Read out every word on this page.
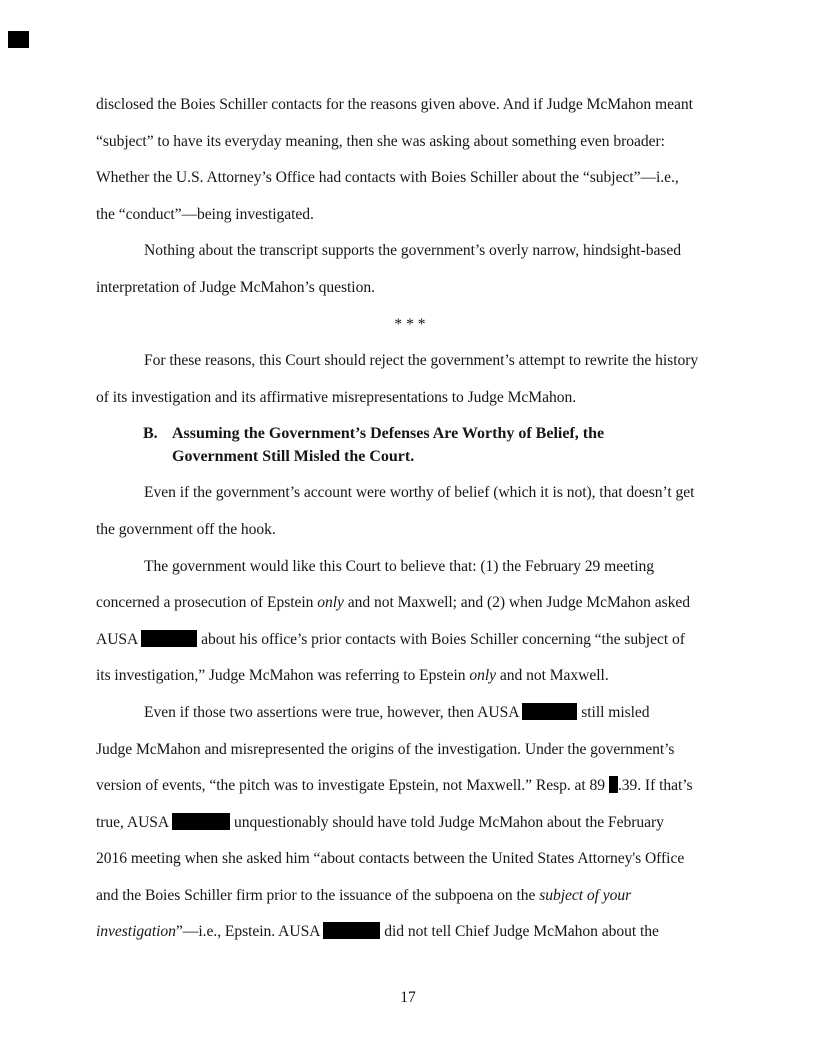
disclosed the Boies Schiller contacts for the reasons given above. And if Judge McMahon meant
“subject” to have its everyday meaning, then she was asking about something even broader:
Whether the U.S. Attorney’s Office had contacts with Boies Schiller about the “subject”—i.e.,
the “conduct”—being investigated.
Nothing about the transcript supports the government’s overly narrow, hindsight-based
interpretation of Judge McMahon’s question.
* * *
For these reasons, this Court should reject the government’s attempt to rewrite the history
of its investigation and its affirmative misrepresentations to Judge McMahon.
B. Assuming the Government’s Defenses Are Worthy of Belief, the
Government Still Misled the Court.
Even if the government’s account were worthy of belief (which it is not), that doesn’t get
the government off the hook.
The government would like this Court to believe that: (1) the February 29 meeting
concerned a prosecution of Epstein only and not Maxwell; and (2) when Judge McMahon asked
AUSA	about his office’s prior contacts with Boies Schiller concerning “the subject of
its investigation,” Judge McMahon was referring to Epstein only and not Maxwell.
Even if those two assertions were true, however, then AUSA	still misled
Judge McMahon and misrepresented the origins of the investigation. Under the government’s
version of events, “the pitch was to investigate Epstein, not Maxwell.” Resp. at 89 .39. If that’s
true, AUSA	unquestionably should have told Judge McMahon about the February
2016 meeting when she asked him “about contacts between the United States Attorney's Office
and the Boies Schiller firm prior to the issuance of the subpoena on the subject of your
investigation”—i.e., Epstein. AUSA	did not tell Chief Judge McMahon about the
17
